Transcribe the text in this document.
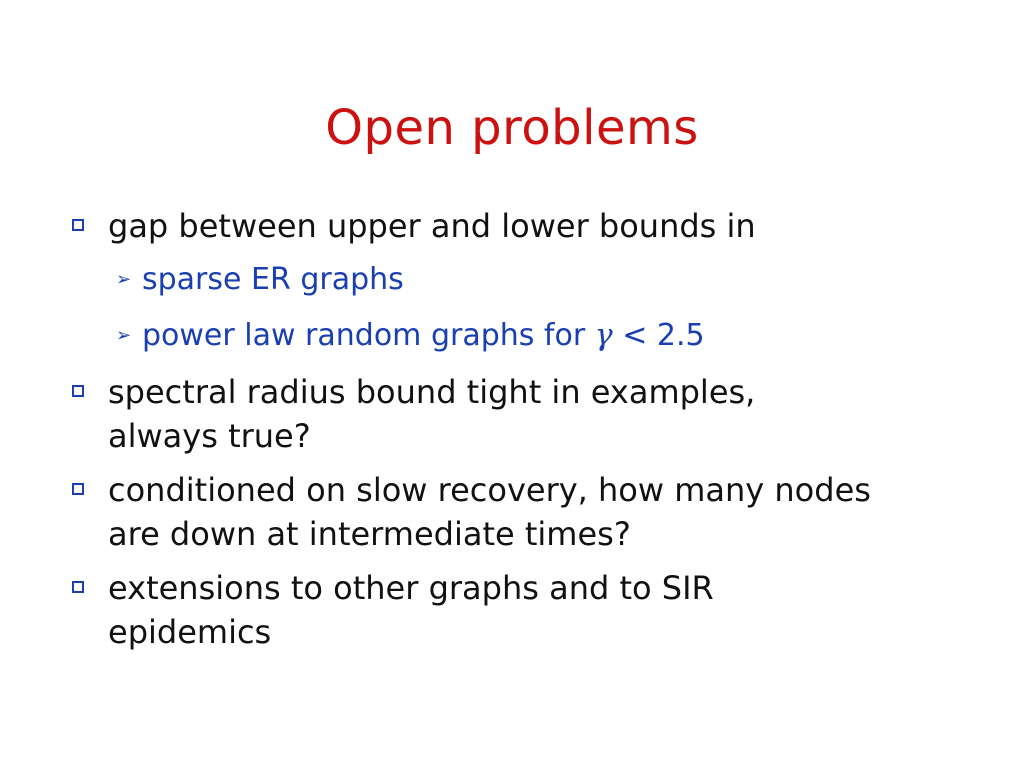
Open problems
gap between upper and lower bounds in
➢ sparse ER graphs
➢ power law random graphs for γ < 2.5
spectral radius bound tight in examples,
always true?
conditioned on slow recovery, how many nodes
are down at intermediate times?
extensions to other graphs and to SIR
epidemics
